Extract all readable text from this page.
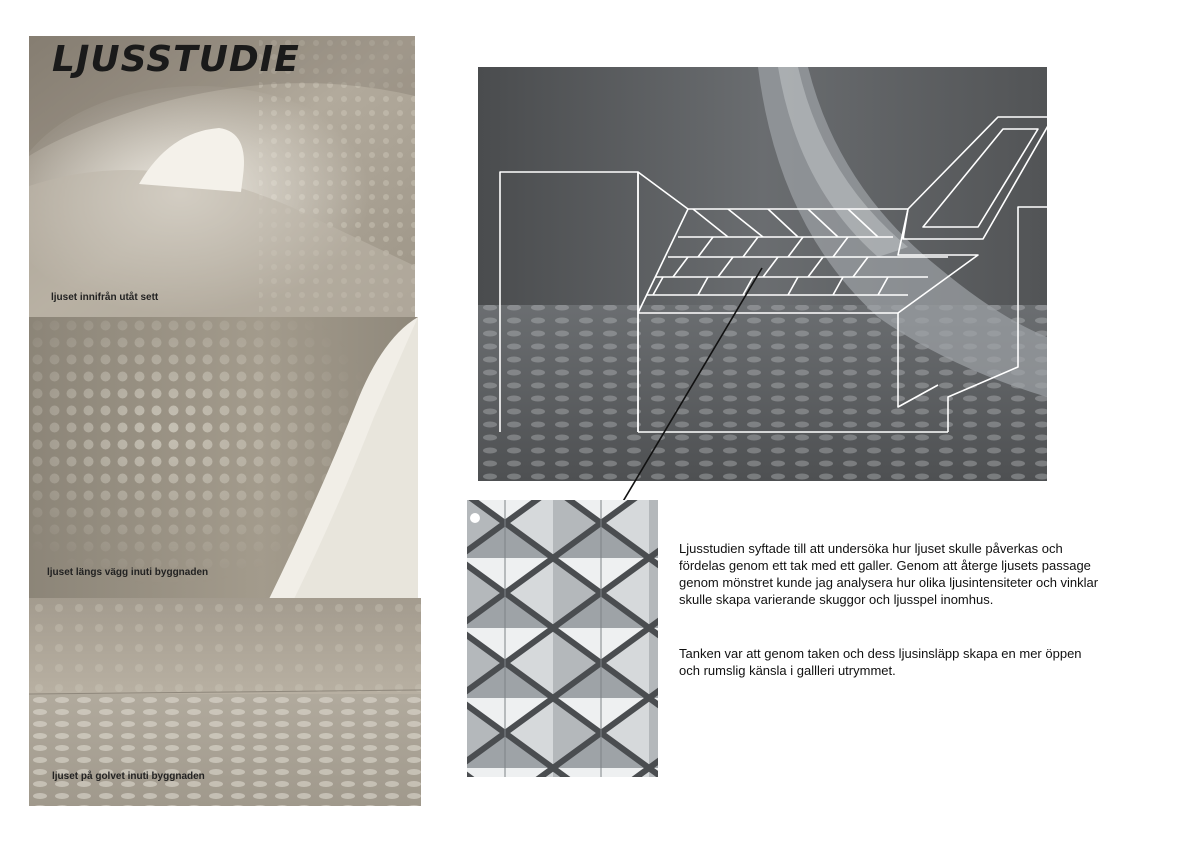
LJUSSTUDIE
ljuset innifrån utåt sett
ljuset längs vägg inuti byggnaden
ljuset på golvet inuti byggnaden

Ljusstudien syftade till att undersöka hur ljuset skulle påverkas och fördelas genom ett tak med ett galler. Genom att återge ljusets passage genom mönstret kunde jag analysera hur olika ljusintensiteter och vinklar skulle skapa varierande skuggor och ljusspel inomhus.

Tanken var att genom taken och dess ljusinsläpp skapa en mer öppen och rumslig känsla i gallleri utrymmet.
